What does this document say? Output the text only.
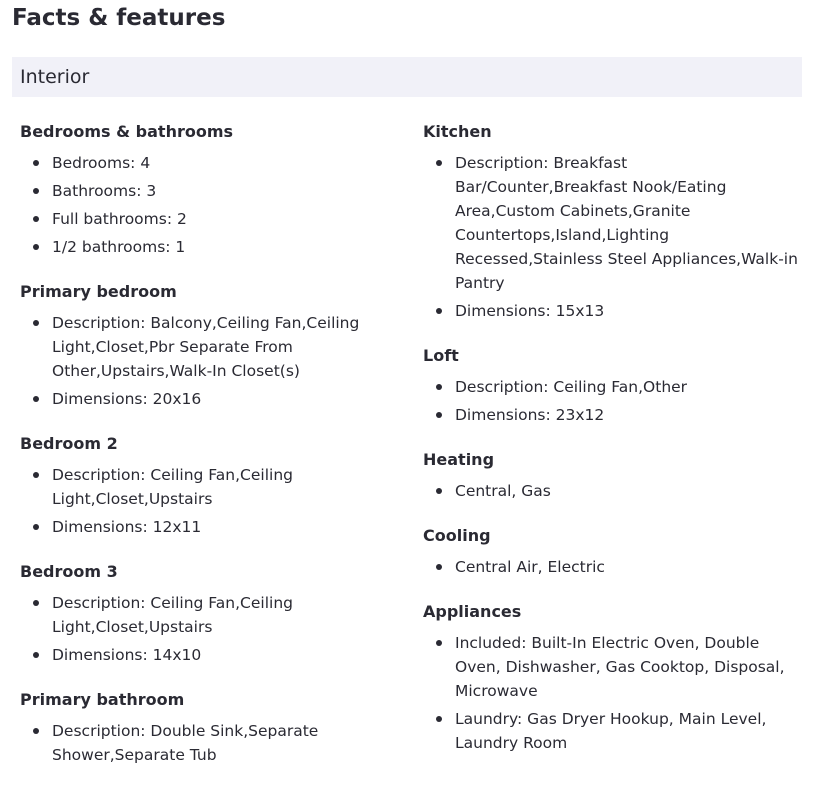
Facts & features
Interior
Bedrooms & bathrooms
Bedrooms: 4
Bathrooms: 3
Full bathrooms: 2
1/2 bathrooms: 1
Primary bedroom
Description: Balcony,Ceiling Fan,Ceiling Light,Closet,Pbr Separate From Other,Upstairs,Walk-In Closet(s)
Dimensions: 20x16
Bedroom 2
Description: Ceiling Fan,Ceiling Light,Closet,Upstairs
Dimensions: 12x11
Bedroom 3
Description: Ceiling Fan,Ceiling Light,Closet,Upstairs
Dimensions: 14x10
Primary bathroom
Description: Double Sink,Separate Shower,Separate Tub
Kitchen
Description: Breakfast Bar/Counter,Breakfast Nook/Eating Area,Custom Cabinets,Granite Countertops,Island,Lighting Recessed,Stainless Steel Appliances,Walk-in Pantry
Dimensions: 15x13
Loft
Description: Ceiling Fan,Other
Dimensions: 23x12
Heating
Central, Gas
Cooling
Central Air, Electric
Appliances
Included: Built-In Electric Oven, Double Oven, Dishwasher, Gas Cooktop, Disposal, Microwave
Laundry: Gas Dryer Hookup, Main Level, Laundry Room
